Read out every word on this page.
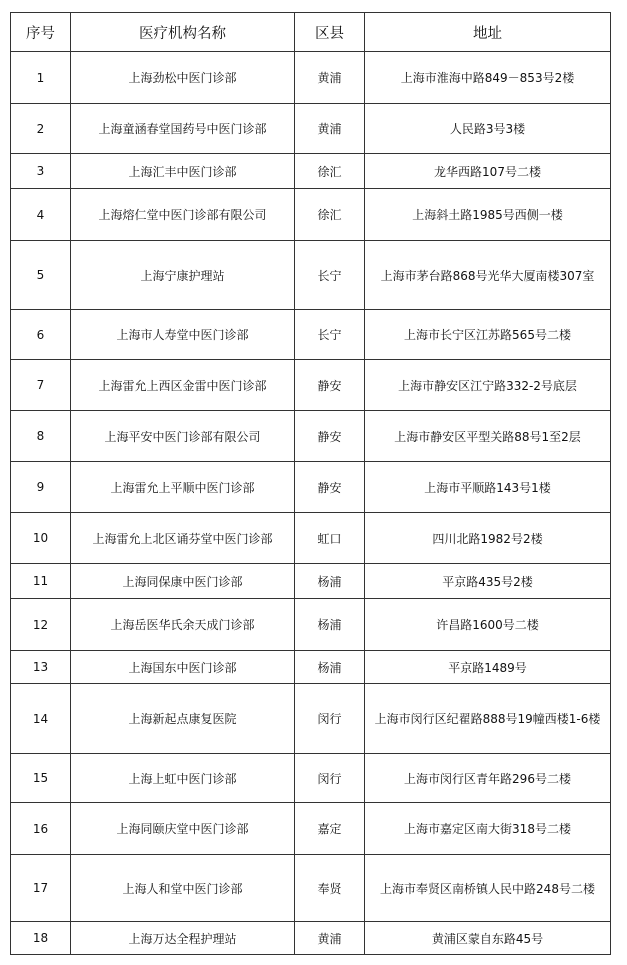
序号	医疗机构名称	区县	地址
1	上海劲松中医门诊部	黄浦	上海市淮海中路849－853号2楼
2	上海童涵春堂国药号中医门诊部	黄浦	人民路3号3楼
3	上海汇丰中医门诊部	徐汇	龙华西路107号二楼
4	上海熔仁堂中医门诊部有限公司	徐汇	上海斜土路1985号西侧一楼
5	上海宁康护理站	长宁	上海市茅台路868号光华大厦南楼307室
6	上海市人寿堂中医门诊部	长宁	上海市长宁区江苏路565号二楼
7	上海雷允上西区金雷中医门诊部	静安	上海市静安区江宁路332-2号底层
8	上海平安中医门诊部有限公司	静安	上海市静安区平型关路88号1至2层
9	上海雷允上平顺中医门诊部	静安	上海市平顺路143号1楼
10	上海雷允上北区诵芬堂中医门诊部	虹口	四川北路1982号2楼
11	上海同保康中医门诊部	杨浦	平京路435号2楼
12	上海岳医华氏余天成门诊部	杨浦	许昌路1600号二楼
13	上海国东中医门诊部	杨浦	平京路1489号
14	上海新起点康复医院	闵行	上海市闵行区纪翟路888号19幢西楼1-6楼
15	上海上虹中医门诊部	闵行	上海市闵行区青年路296号二楼
16	上海同颐庆堂中医门诊部	嘉定	上海市嘉定区南大街318号二楼
17	上海人和堂中医门诊部	奉贤	上海市奉贤区南桥镇人民中路248号二楼
18	上海万达全程护理站	黄浦	黄浦区蒙自东路45号
